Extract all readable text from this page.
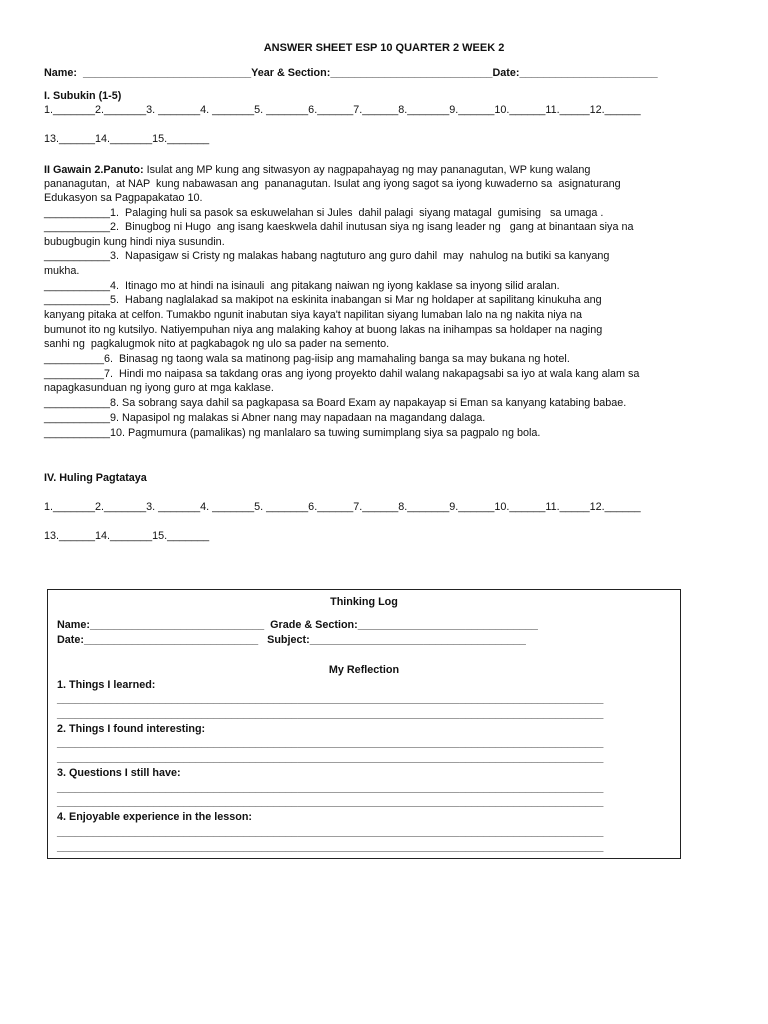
ANSWER SHEET ESP 10 QUARTER 2 WEEK 2
Name:  ____________________________Year & Section:___________________________Date:_______________________
I. Subukin (1-5)
1._______2._______3. _______4. _______5. _______6.______7.______8._______9.______10.______11._____12.______
13.______14._______15._______
II Gawain 2.Panuto: Isulat ang MP kung ang sitwasyon ay nagpapahayag ng may pananagutan, WP kung walang
pananagutan,  at NAP  kung nabawasan ang  pananagutan. Isulat ang iyong sagot sa iyong kuwaderno sa  asignaturang
Edukasyon sa Pagpapakatao 10.
___________1.  Palaging huli sa pasok sa eskuwelahan si Jules  dahil palagi  siyang matagal  gumising   sa umaga .
___________2.  Binugbog ni Hugo  ang isang kaeskwela dahil inutusan siya ng isang leader ng   gang at binantaan siya na
bubugbugin kung hindi niya susundin.
___________3.  Napasigaw si Cristy ng malakas habang nagtuturo ang guro dahil  may  nahulog na butiki sa kanyang
mukha.
___________4.  Itinago mo at hindi na isinauli  ang pitakang naiwan ng iyong kaklase sa inyong silid aralan.
___________5.  Habang naglalakad sa makipot na eskinita inabangan si Mar ng holdaper at sapilitang kinukuha ang
kanyang pitaka at celfon. Tumakbo ngunit inabutan siya kaya't napilitan siyang lumaban lalo na ng nakita niya na
bumunot ito ng kutsilyo. Natiyempuhan niya ang malaking kahoy at buong lakas na inihampas sa holdaper na naging
sanhi ng  pagkalugmok nito at pagkabagok ng ulo sa pader na semento.
__________6.  Binasag ng taong wala sa matinong pag-iisip ang mamahaling banga sa may bukana ng hotel.
__________7.  Hindi mo naipasa sa takdang oras ang iyong proyekto dahil walang nakapagsabi sa iyo at wala kang alam sa
napagkasunduan ng iyong guro at mga kaklase.
___________8. Sa sobrang saya dahil sa pagkapasa sa Board Exam ay napakayap si Eman sa kanyang katabing babae.
___________9. Napasipol ng malakas si Abner nang may napadaan na magandang dalaga.
___________10. Pagmumura (pamalikas) ng manlalaro sa tuwing sumimplang siya sa pagpalo ng bola.
IV. Huling Pagtataya
1._______2._______3. _______4. _______5. _______6.______7.______8._______9.______10.______11._____12.______
13.______14._______15._______
Thinking Log
Name:_____________________________  Grade & Section:______________________________
Date:_____________________________   Subject:____________________________________
My Reflection
1. Things I learned:
___________________________________________________________________________________________
___________________________________________________________________________________________
2. Things I found interesting:
___________________________________________________________________________________________
___________________________________________________________________________________________
3. Questions I still have:
___________________________________________________________________________________________
___________________________________________________________________________________________
4. Enjoyable experience in the lesson:
___________________________________________________________________________________________
___________________________________________________________________________________________
